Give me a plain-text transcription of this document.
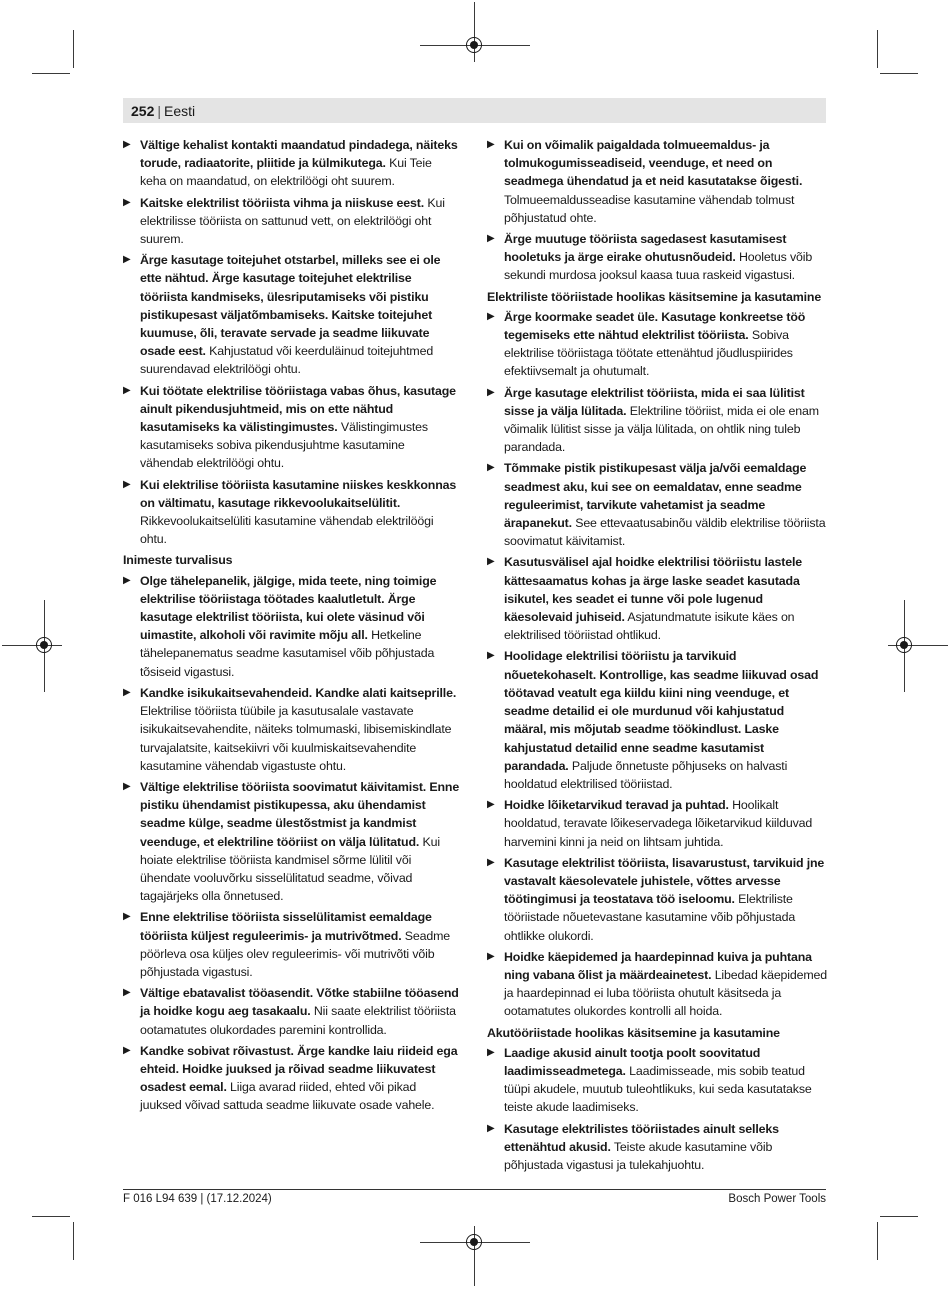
252 | Eesti
▶ Vältige kehalist kontakti maandatud pindadega, näiteks torude, radiaatorite, pliitide ja külmikutega. Kui Teie keha on maandatud, on elektrilöögi oht suurem.
▶ Kaitske elektrilist tööriista vihma ja niiskuse eest. Kui elektrilisse tööriista on sattunud vett, on elektrilöögi oht suurem.
▶ Ärge kasutage toitejuhet otstarbel, milleks see ei ole ette nähtud. Ärge kasutage toitejuhet elektrilise tööriista kandmiseks, ülesriputamiseks või pistiku pistikupesast väljatõmbamiseks. Kaitske toitejuhet kuumuse, õli, teravate servade ja seadme liikuvate osade eest. Kahjustatud või keerduläinud toitejuhtmed suurendavad elektrilöögi ohtu.
▶ Kui töötate elektrilise tööriistaga vabas õhus, kasutage ainult pikendusjuhtmeid, mis on ette nähtud kasutamiseks ka välistingimustes. Välistingimustes kasutamiseks sobiva pikendusjuhtme kasutamine vähendab elektrilöögi ohtu.
▶ Kui elektrilise tööriista kasutamine niiskes keskkonnas on vältimatu, kasutage rikkevoolukaitselülitit. Rikkevoolukaitselüliti kasutamine vähendab elektrilöögi ohtu.
Inimeste turvalisus
▶ Olge tähelepanelik, jälgige, mida teete, ning toimige elektrilise tööriistaga töötades kaalutletult. Ärge kasutage elektrilist tööriista, kui olete väsinud või uimastite, alkoholi või ravimite mõju all. Hetkeline tähelepanematus seadme kasutamisel võib põhjustada tõsiseid vigastusi.
▶ Kandke isikukaitsevahendeid. Kandke alati kaitseprille. Elektrilise tööriista tüübile ja kasutusalale vastavate isikukaitsevahendite, näiteks tolmumaski, libisemiskindlate turvajalatsite, kaitsekiivri või kuulmiskaitsevahendite kasutamine vähendab vigastuste ohtu.
▶ Vältige elektrilise tööriista soovimatut käivitamist. Enne pistiku ühendamist pistikupessa, aku ühendamist seadme külge, seadme ülestõstmist ja kandmist veenduge, et elektriline tööriist on välja lülitatud. Kui hoiate elektrilise tööriista kandmisel sõrme lülitil või ühendate vooluvõrku sisselülitatud seadme, võivad tagajärjeks olla õnnetused.
▶ Enne elektrilise tööriista sisselülitamist eemaldage tööriista küljest reguleerimis- ja mutrivõtmed. Seadme pöörleva osa küljes olev reguleerimis- või mutrivõti võib põhjustada vigastusi.
▶ Vältige ebatavalist tööasendit. Võtke stabiilne tööasend ja hoidke kogu aeg tasakaalu. Nii saate elektrilist tööriista ootamatutes olukordades paremini kontrollida.
▶ Kandke sobivat rõivastust. Ärge kandke laiu riideid ega ehteid. Hoidke juuksed ja rõivad seadme liikuvatest osadest eemal. Liiga avarad riided, ehted või pikad juuksed võivad sattuda seadme liikuvate osade vahele.
▶ Kui on võimalik paigaldada tolmueemaldus- ja tolmukogumisseadiseid, veenduge, et need on seadmega ühendatud ja et neid kasutatakse õigesti. Tolmueemaldusseadise kasutamine vähendab tolmust põhjustatud ohte.
▶ Ärge muutuge tööriista sagedasest kasutamisest hooletuks ja ärge eirake ohutusnõudeid. Hooletus võib sekundi murdosa jooksul kaasa tuua raskeid vigastusi.
Elektriliste tööriistade hoolikas käsitsemine ja kasutamine
▶ Ärge koormake seadet üle. Kasutage konkreetse töö tegemiseks ette nähtud elektrilist tööriista. Sobiva elektrilise tööriistaga töötate ettenähtud jõudluspiirides efektiivsemalt ja ohutumalt.
▶ Ärge kasutage elektrilist tööriista, mida ei saa lülitist sisse ja välja lülitada. Elektriline tööriist, mida ei ole enam võimalik lülitist sisse ja välja lülitada, on ohtlik ning tuleb parandada.
▶ Tõmmake pistik pistikupesast välja ja/või eemaldage seadmest aku, kui see on eemaldatav, enne seadme reguleerimist, tarvikute vahetamist ja seadme ärapanekut. See ettevaatusabinõu väldib elektrilise tööriista soovimatut käivitamist.
▶ Kasutusvälisel ajal hoidke elektrilisi tööriistu lastele kättesaamatus kohas ja ärge laske seadet kasutada isikutel, kes seadet ei tunne või pole lugenud käesolevaid juhiseid. Asjatundmatute isikute käes on elektrilised tööriistad ohtlikud.
▶ Hoolidage elektrilisi tööriistu ja tarvikuid nõuetekohaselt. Kontrollige, kas seadme liikuvad osad töötavad veatult ega kiildu kiini ning veenduge, et seadme detailid ei ole murdunud või kahjustatud määral, mis mõjutab seadme töökindlust. Laske kahjustatud detailid enne seadme kasutamist parandada. Paljude õnnetuste põhjuseks on halvasti hooldatud elektrilised tööriistad.
▶ Hoidke lõiketarvikud teravad ja puhtad. Hoolikalt hooldatud, teravate lõikeservadega lõiketarvikud kiilduvad harvemini kinni ja neid on lihtsam juhtida.
▶ Kasutage elektrilist tööriista, lisavarustust, tarvikuid jne vastavalt käesolevatele juhistele, võttes arvesse töötingimusi ja teostatava töö iseloomu. Elektriliste tööriistade nõuetevastane kasutamine võib põhjustada ohtlikke olukordi.
▶ Hoidke käepidemed ja haardepinnad kuiva ja puhtana ning vabana õlist ja määrdeainetest. Libedad käepidemed ja haardepinnad ei luba tööriista ohutult käsitseda ja ootamatutes olukordes kontrolli all hoida.
Akutööriistade hoolikas käsitsemine ja kasutamine
▶ Laadige akusid ainult tootja poolt soovitatud laadimisseadmetega. Laadimisseade, mis sobib teatud tüüpi akudele, muutub tuleohtlikuks, kui seda kasutatakse teiste akude laadimiseks.
▶ Kasutage elektrilistes tööriistades ainult selleks ettenähtud akusid. Teiste akude kasutamine võib põhjustada vigastusi ja tulekahjuohtu.
F 016 L94 639 | (17.12.2024)	Bosch Power Tools
